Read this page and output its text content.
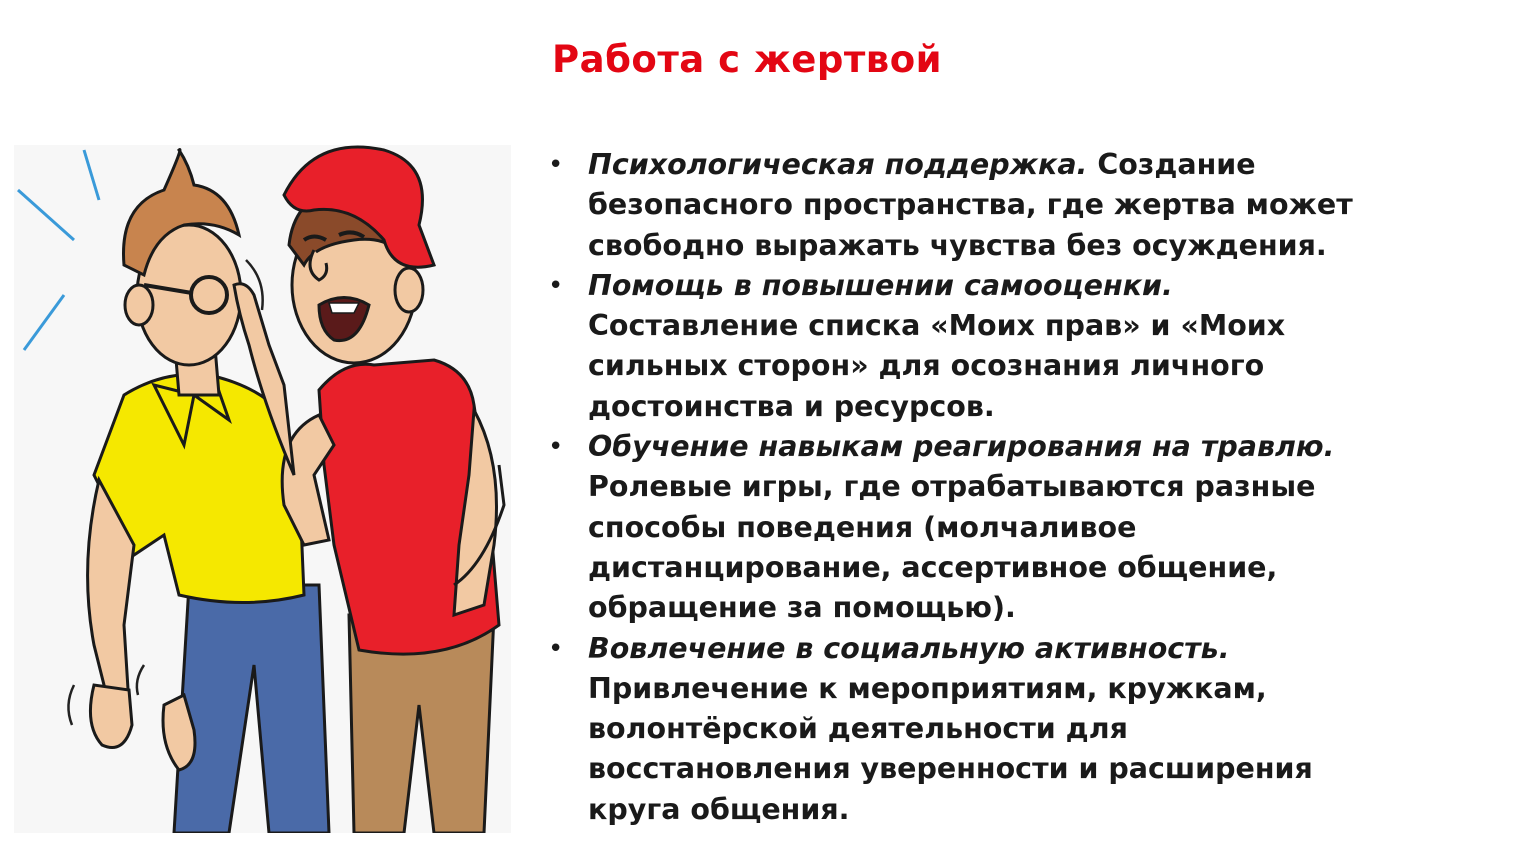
Работа с жертвой
• Психологическая поддержка. Создание
безопасного пространства, где жертва может
свободно выражать чувства без осуждения.
• Помощь в повышении самооценки.
Составление списка «Моих прав» и «Моих
сильных сторон» для осознания личного
достоинства и ресурсов.
• Обучение навыкам реагирования на травлю.
Ролевые игры, где отрабатываются разные
способы поведения (молчаливое
дистанцирование, ассертивное общение,
обращение за помощью).
• Вовлечение в социальную активность.
Привлечение к мероприятиям, кружкам,
волонтёрской деятельности для
восстановления уверенности и расширения
круга общения.
